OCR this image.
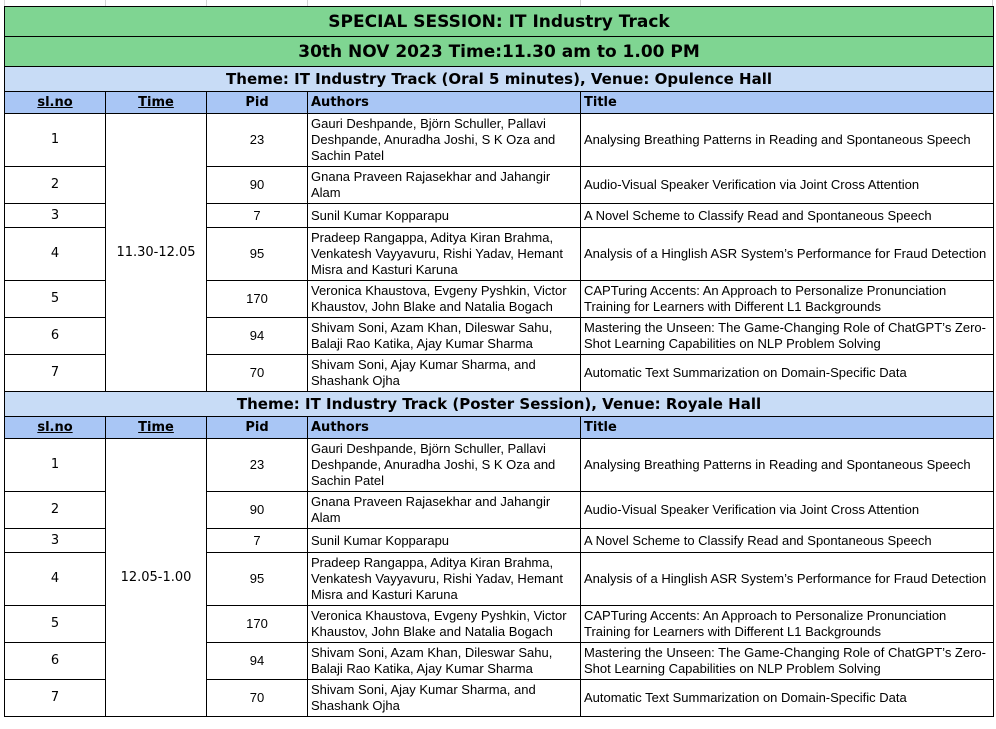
SPECIAL SESSION: IT Industry Track				
30th NOV 2023 Time:11.30 am to 1.00 PM				
Theme: IT Industry Track (Oral 5 minutes), Venue: Opulence Hall				
sl.no	Time	Pid	Authors	Title
1	11.30-12.05	23	Gauri Deshpande, Björn Schuller, Pallavi Deshpande, Anuradha Joshi, S K Oza and Sachin Patel	Analysing Breathing Patterns in Reading and Spontaneous Speech
2		90	Gnana Praveen Rajasekhar and Jahangir Alam	Audio-Visual Speaker Verification via Joint Cross Attention
3		7	Sunil Kumar Kopparapu	A Novel Scheme to Classify Read and Spontaneous Speech
4		95	Pradeep Rangappa, Aditya Kiran Brahma, Venkatesh Vayyavuru, Rishi Yadav, Hemant Misra and Kasturi Karuna	Analysis of a Hinglish ASR System’s Performance for Fraud Detection
5		170	Veronica Khaustova, Evgeny Pyshkin, Victor Khaustov, John Blake and Natalia Bogach	CAPTuring Accents: An Approach to Personalize Pronunciation Training for Learners with Different L1 Backgrounds
6		94	Shivam Soni, Azam Khan, Dileswar Sahu, Balaji Rao Katika, Ajay Kumar Sharma	Mastering the Unseen: The Game-Changing Role of ChatGPT’s Zero-Shot Learning Capabilities on NLP Problem Solving
7		70	Shivam Soni, Ajay Kumar Sharma, and Shashank Ojha	Automatic Text Summarization on Domain-Specific Data
Theme: IT Industry Track (Poster Session), Venue: Royale Hall				
sl.no	Time	Pid	Authors	Title
1	12.05-1.00	23	Gauri Deshpande, Björn Schuller, Pallavi Deshpande, Anuradha Joshi, S K Oza and Sachin Patel	Analysing Breathing Patterns in Reading and Spontaneous Speech
2		90	Gnana Praveen Rajasekhar and Jahangir Alam	Audio-Visual Speaker Verification via Joint Cross Attention
3		7	Sunil Kumar Kopparapu	A Novel Scheme to Classify Read and Spontaneous Speech
4		95	Pradeep Rangappa, Aditya Kiran Brahma, Venkatesh Vayyavuru, Rishi Yadav, Hemant Misra and Kasturi Karuna	Analysis of a Hinglish ASR System’s Performance for Fraud Detection
5		170	Veronica Khaustova, Evgeny Pyshkin, Victor Khaustov, John Blake and Natalia Bogach	CAPTuring Accents: An Approach to Personalize Pronunciation Training for Learners with Different L1 Backgrounds
6		94	Shivam Soni, Azam Khan, Dileswar Sahu, Balaji Rao Katika, Ajay Kumar Sharma	Mastering the Unseen: The Game-Changing Role of ChatGPT’s Zero-Shot Learning Capabilities on NLP Problem Solving
7		70	Shivam Soni, Ajay Kumar Sharma, and Shashank Ojha	Automatic Text Summarization on Domain-Specific Data
